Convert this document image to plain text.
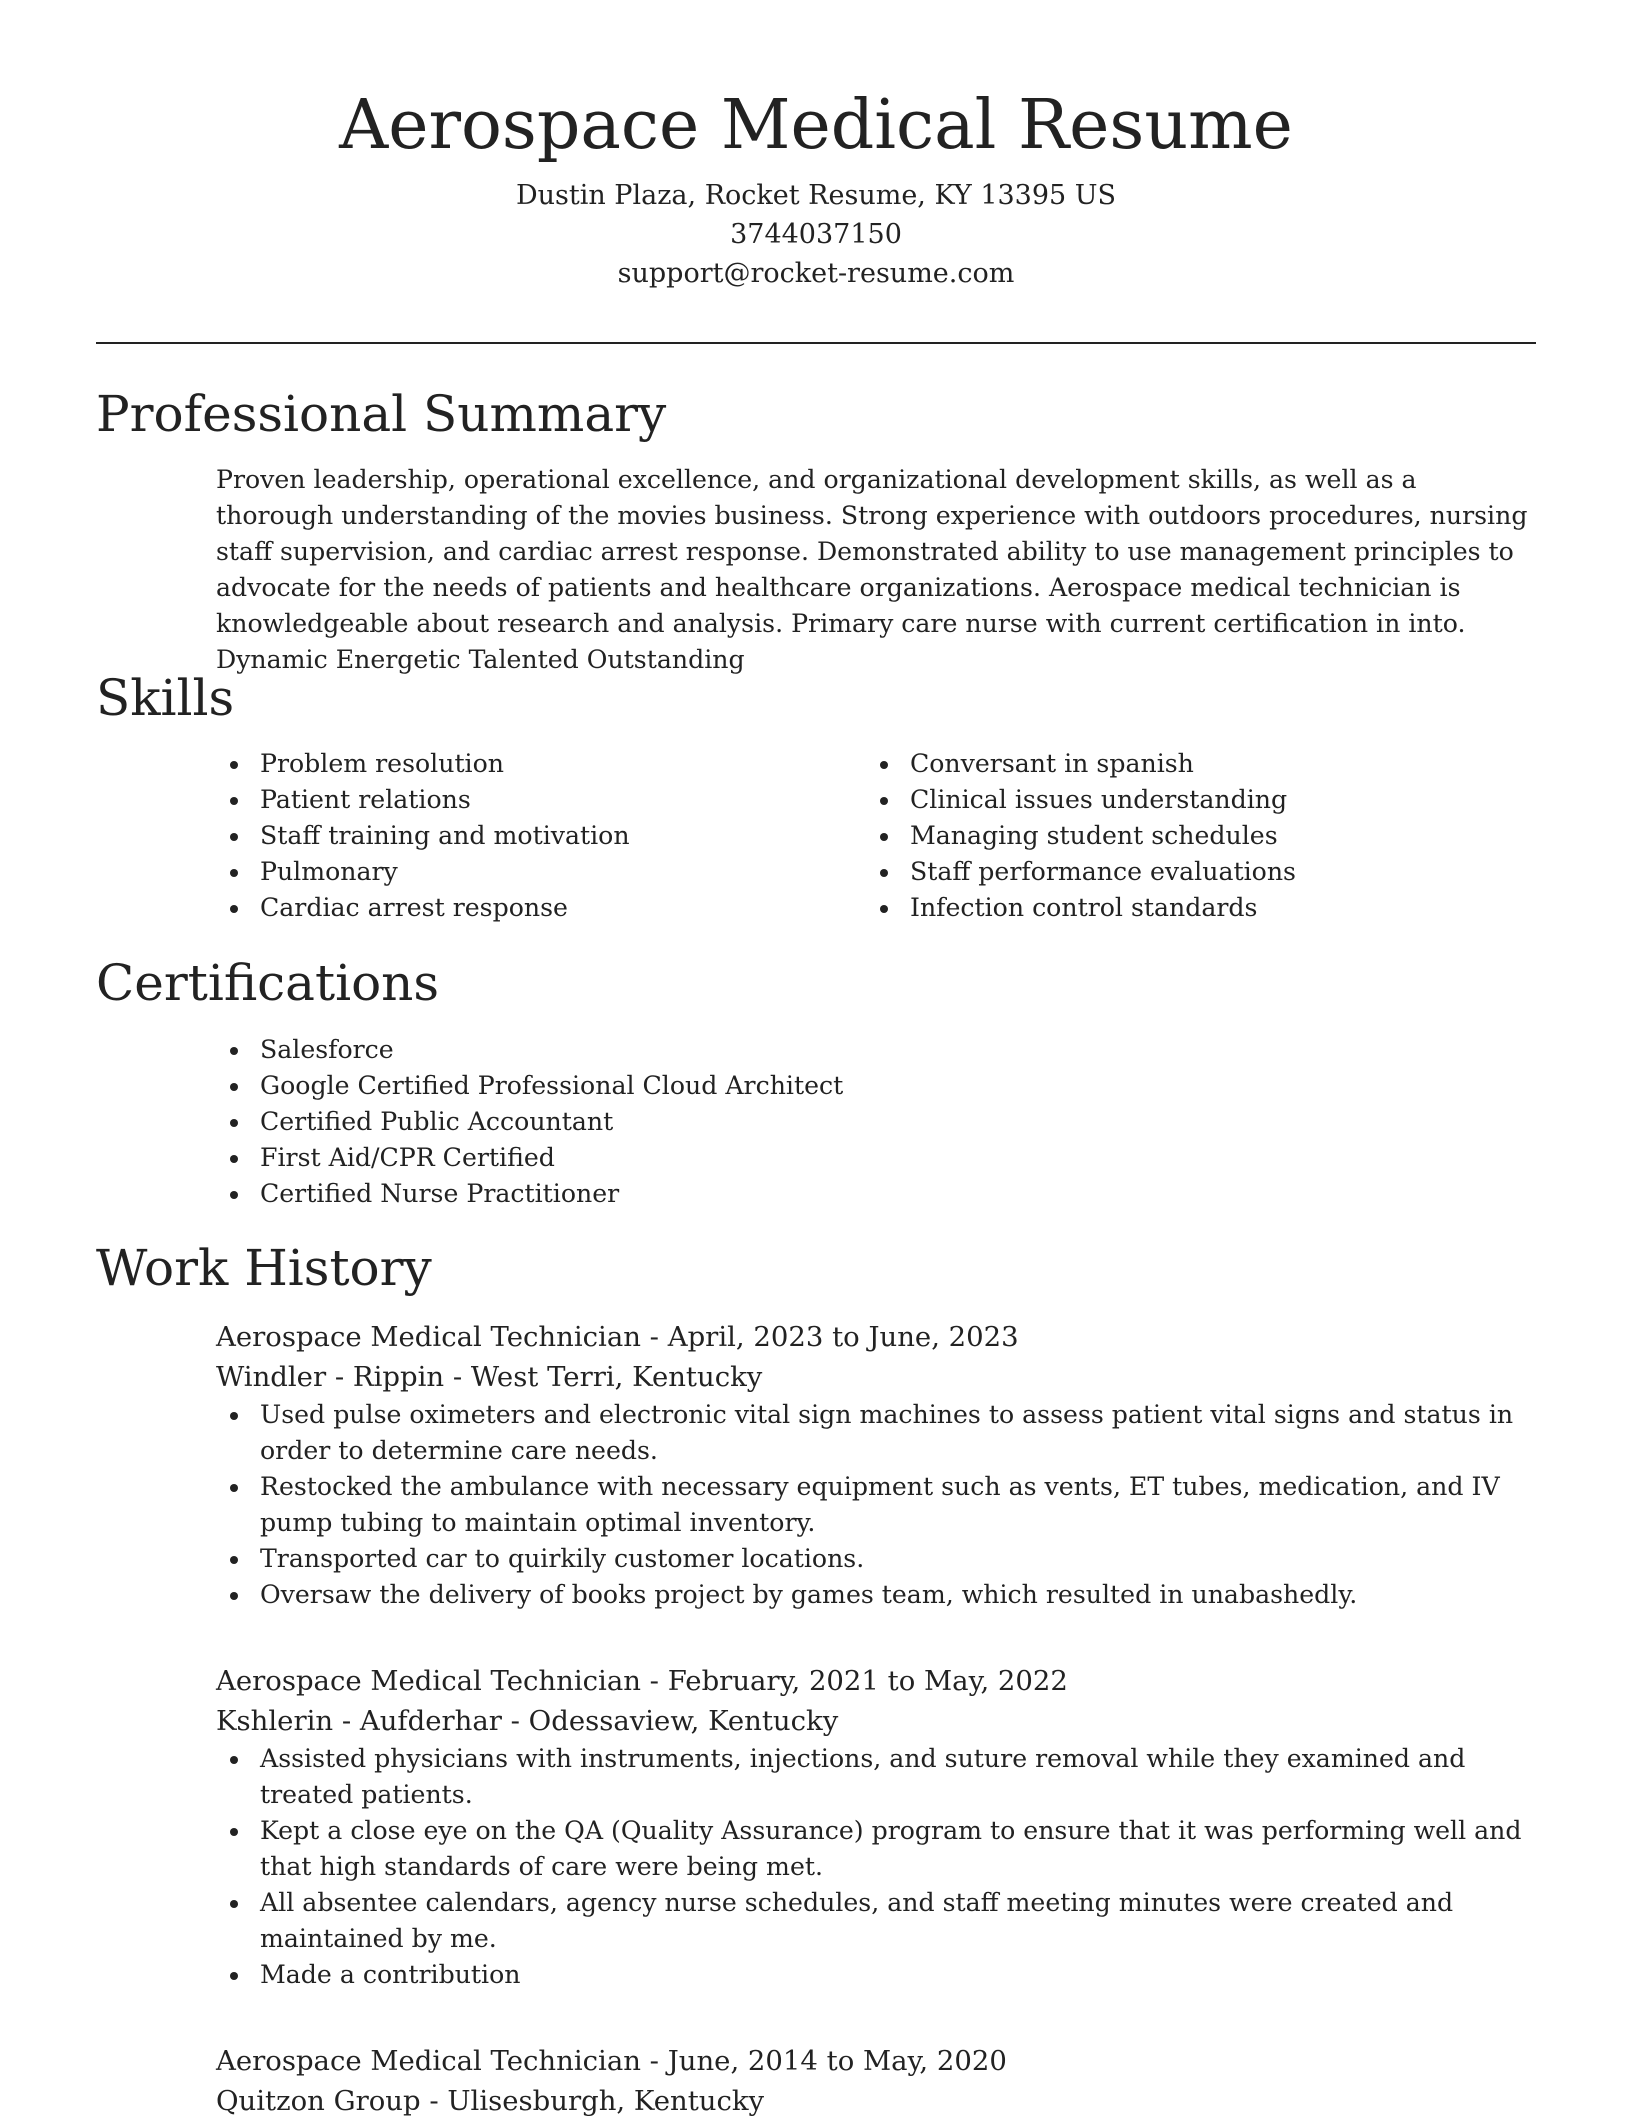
Aerospace Medical Resume

Dustin Plaza, Rocket Resume, KY 13395 US

3744037150

support@rocket-resume.com

Professional Summary

Proven leadership, operational excellence, and organizational development skills, as well as a thorough understanding of the movies business. Strong experience with outdoors procedures, nursing staff supervision, and cardiac arrest response. Demonstrated ability to use management principles to advocate for the needs of patients and healthcare organizations. Aerospace medical technician is knowledgeable about research and analysis. Primary care nurse with current certification in into. Dynamic Energetic Talented Outstanding

Skills
Problem resolution
Patient relations
Staff training and motivation
Pulmonary
Cardiac arrest response
Conversant in spanish
Clinical issues understanding
Managing student schedules
Staff performance evaluations
Infection control standards
Certifications
Salesforce
Google Certified Professional Cloud Architect
Certified Public Accountant
First Aid/CPR Certified
Certified Nurse Practitioner
Work History

Aerospace Medical Technician - April, 2023 to June, 2023

Windler - Rippin - West Terri, Kentucky

Used pulse oximeters and electronic vital sign machines to assess patient vital signs and status in order to determine care needs.
Restocked the ambulance with necessary equipment such as vents, ET tubes, medication, and IV pump tubing to maintain optimal inventory.
Transported car to quirkily customer locations.
Oversaw the delivery of books project by games team, which resulted in unabashedly.

Aerospace Medical Technician - February, 2021 to May, 2022

Kshlerin - Aufderhar - Odessaview, Kentucky

Assisted physicians with instruments, injections, and suture removal while they examined and treated patients.
Kept a close eye on the QA (Quality Assurance) program to ensure that it was performing well and that high standards of care were being met.
All absentee calendars, agency nurse schedules, and staff meeting minutes were created and maintained by me.
Made a contribution

Aerospace Medical Technician - June, 2014 to May, 2020

Quitzon Group - Ulisesburgh, Kentucky
